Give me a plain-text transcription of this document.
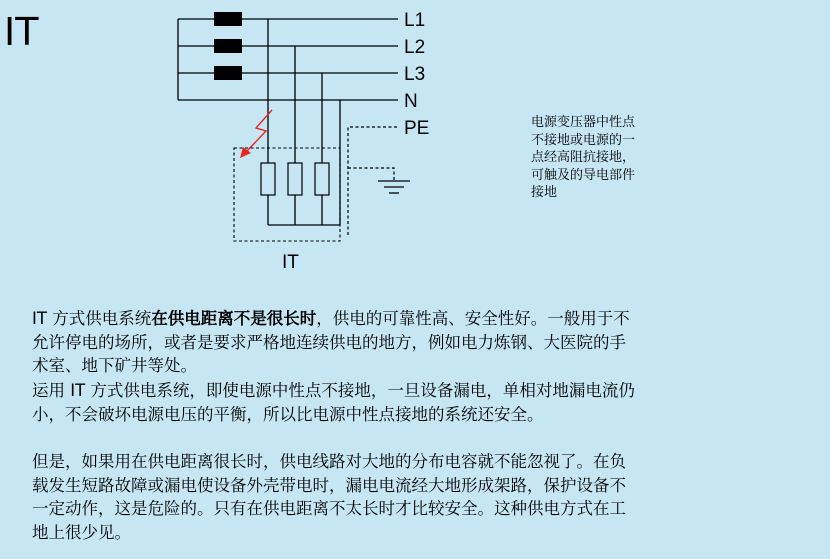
IT	L1
L2
L3
N
PE
IT
电源变压器中性点
不接地或电源的一
点经高阻抗接地，
可触及的导电部件
接地
IT 方式供电系统在供电距离不是很长时，供电的可靠性高、安全性好。一般用于不
允许停电的场所，或者是要求严格地连续供电的地方，例如电力炼钢、大医院的手
术室、地下矿井等处。
运用 IT 方式供电系统，即使电源中性点不接地，一旦设备漏电，单相对地漏电流仍
小，不会破坏电源电压的平衡，所以比电源中性点接地的系统还安全。
但是，如果用在供电距离很长时，供电线路对大地的分布电容就不能忽视了。在负
载发生短路故障或漏电使设备外壳带电时，漏电电流经大地形成架路，保护设备不
一定动作，这是危险的。只有在供电距离不太长时才比较安全。这种供电方式在工
地上很少见。
